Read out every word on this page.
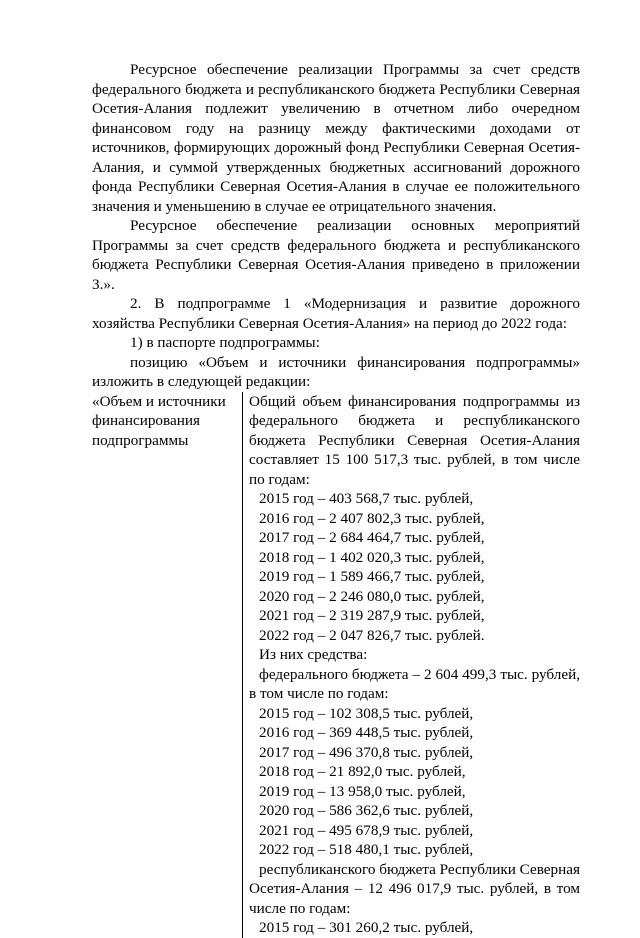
Ресурсное обеспечение реализации Программы за счет средств федерального бюджета и республиканского бюджета Республики Северная Осетия-Алания подлежит увеличению в отчетном либо очередном финансовом году на разницу между фактическими доходами от источников, формирующих дорожный фонд Республики Северная Осетия-Алания, и суммой утвержденных бюджетных ассигнований дорожного фонда Республики Северная Осетия-Алания в случае ее положительного значения и уменьшению в случае ее отрицательного значения.

Ресурсное обеспечение реализации основных мероприятий Программы за счет средств федерального бюджета и республиканского бюджета Республики Северная Осетия-Алания приведено в приложении 3.».

2. В подпрограмме 1 «Модернизация и развитие дорожного хозяйства Республики Северная Осетия-Алания» на период до 2022 года:

1) в паспорте подпрограммы:

позицию «Объем и источники финансирования подпрограммы» изложить в следующей редакции:

«Объем и источники финансирования подпрограммы

Общий объем финансирования подпрограммы из федерального бюджета и республиканского бюджета Республики Северная Осетия-Алания составляет 15 100 517,3 тыс. рублей, в том числе по годам:

2015 год – 403 568,7 тыс. рублей,
2016 год – 2 407 802,3 тыс. рублей,
2017 год – 2 684 464,7 тыс. рублей,
2018 год – 1 402 020,3 тыс. рублей,
2019 год – 1 589 466,7 тыс. рублей,
2020 год – 2 246 080,0 тыс. рублей,
2021 год – 2 319 287,9 тыс. рублей,
2022 год – 2 047 826,7 тыс. рублей.
Из них средства:

федерального бюджета – 2 604 499,3 тыс. рублей, в том числе по годам:

2015 год – 102 308,5 тыс. рублей,
2016 год – 369 448,5 тыс. рублей,
2017 год – 496 370,8 тыс. рублей,
2018 год – 21 892,0 тыс. рублей,
2019 год – 13 958,0 тыс. рублей,
2020 год – 586 362,6 тыс. рублей,
2021 год – 495 678,9 тыс. рублей,
2022 год – 518 480,1 тыс. рублей,

республиканского бюджета Республики Северная Осетия-Алания – 12 496 017,9 тыс. рублей, в том числе по годам:

2015 год – 301 260,2 тыс. рублей,
